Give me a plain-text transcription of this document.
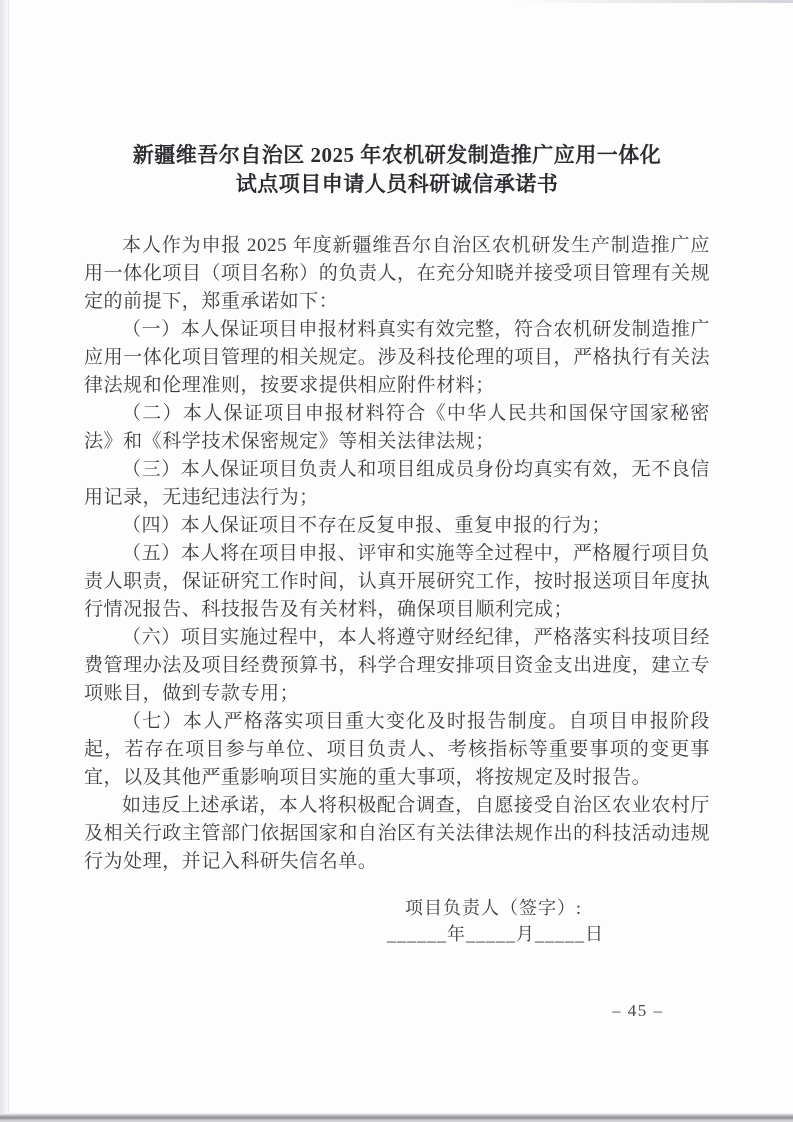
新疆维吾尔自治区 2025 年农机研发制造推广应用一体化
试点项目申请人员科研诚信承诺书

本人作为申报 2025 年度新疆维吾尔自治区农机研发生产制造推广应用一体化项目（项目名称）的负责人，在充分知晓并接受项目管理有关规定的前提下，郑重承诺如下：

（一）本人保证项目申报材料真实有效完整，符合农机研发制造推广应用一体化项目管理的相关规定。涉及科技伦理的项目，严格执行有关法律法规和伦理准则，按要求提供相应附件材料；

（二）本人保证项目申报材料符合《中华人民共和国保守国家秘密法》和《科学技术保密规定》等相关法律法规；

（三）本人保证项目负责人和项目组成员身份均真实有效，无不良信用记录，无违纪违法行为；

（四）本人保证项目不存在反复申报、重复申报的行为；

（五）本人将在项目申报、评审和实施等全过程中，严格履行项目负责人职责，保证研究工作时间，认真开展研究工作，按时报送项目年度执行情况报告、科技报告及有关材料，确保项目顺利完成；

（六）项目实施过程中，本人将遵守财经纪律，严格落实科技项目经费管理办法及项目经费预算书，科学合理安排项目资金支出进度，建立专项账目，做到专款专用；

（七）本人严格落实项目重大变化及时报告制度。自项目申报阶段起，若存在项目参与单位、项目负责人、考核指标等重要事项的变更事宜，以及其他严重影响项目实施的重大事项，将按规定及时报告。

如违反上述承诺，本人将积极配合调查，自愿接受自治区农业农村厅及相关行政主管部门依据国家和自治区有关法律法规作出的科技活动违规行为处理，并记入科研失信名单。

项目负责人（签字）:
______年_____月_____日
– 45 –
